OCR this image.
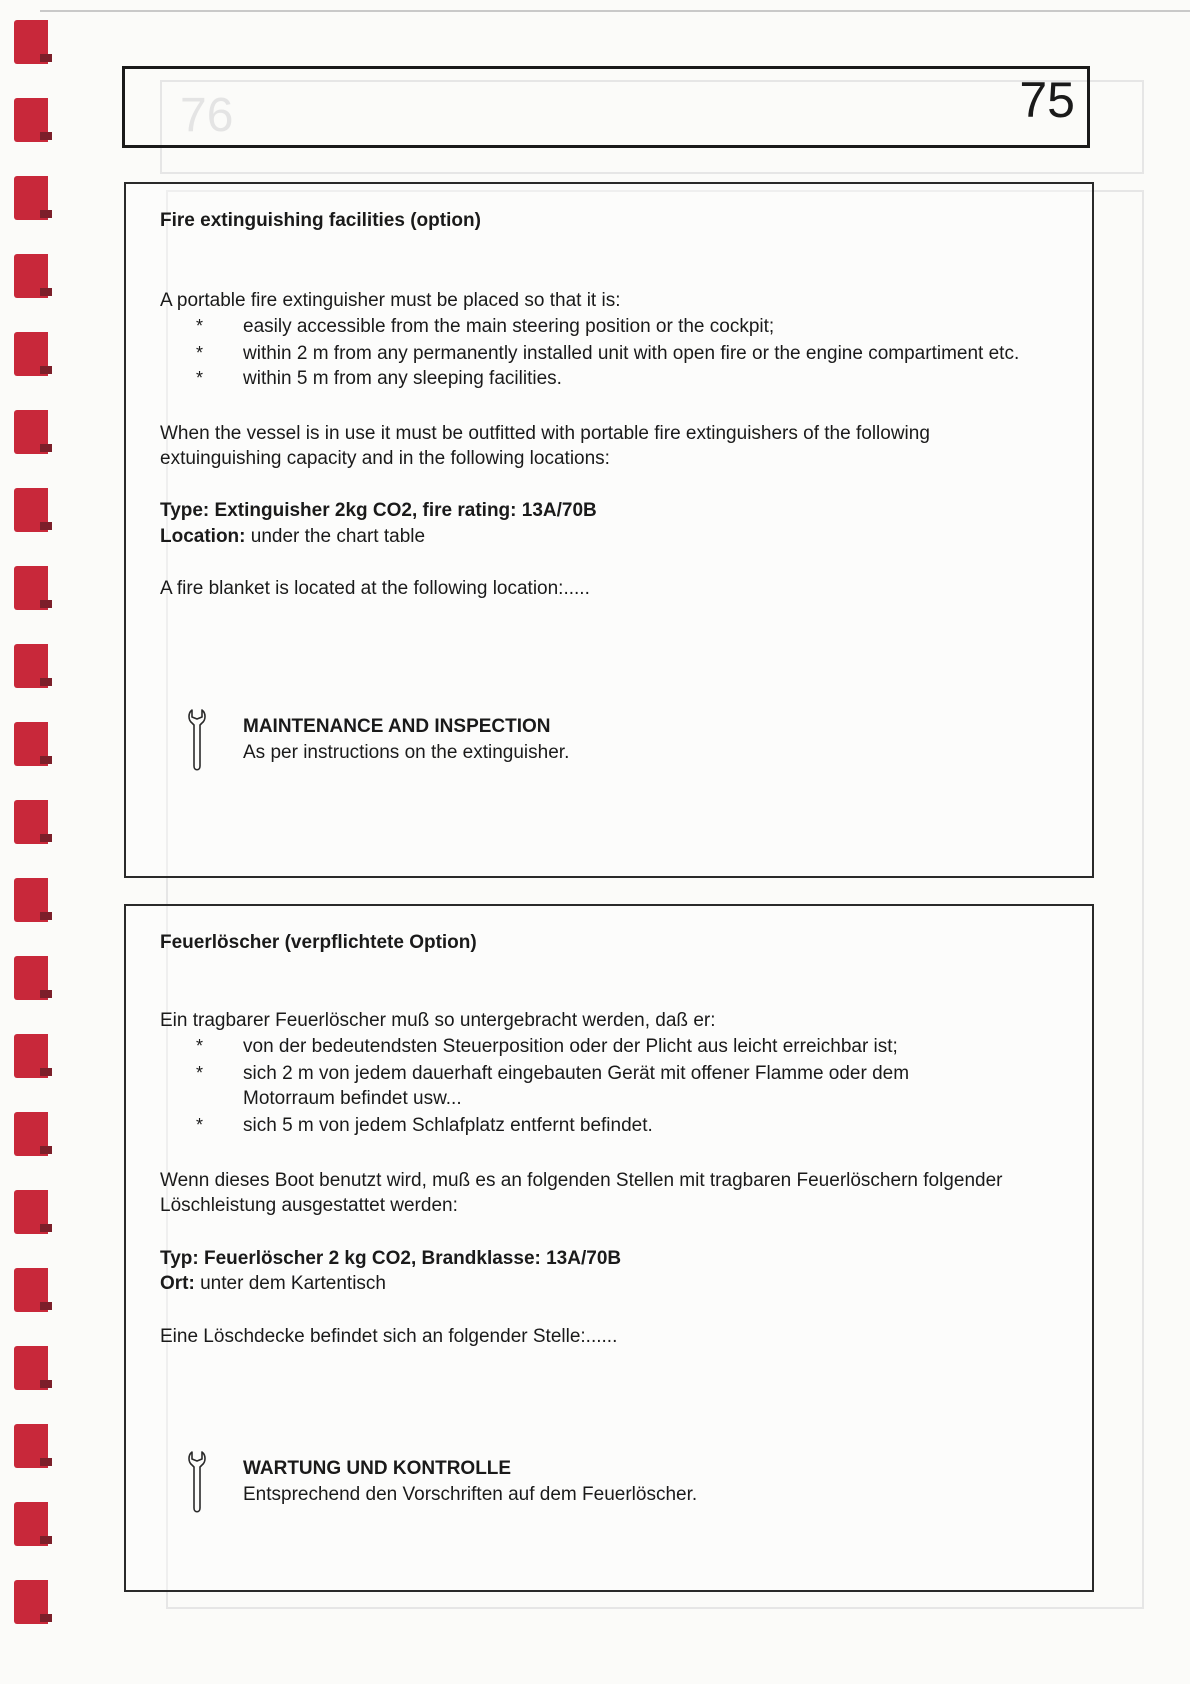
76	75
Fire extinguishing facilities (option)
A portable fire extinguisher must be placed so that it is:
* easily accessible from the main steering position or the cockpit;
* within 2 m from any permanently installed unit with open fire or the engine compartiment etc.
* within 5 m from any sleeping facilities.
When the vessel is in use it must be outfitted with portable fire extinguishers of the following
extuinguishing capacity and in the following locations:
Type: Extinguisher 2kg CO2, fire rating: 13A/70B
Location: under the chart table
A fire blanket is located at the following location:.....
MAINTENANCE AND INSPECTION
As per instructions on the extinguisher.
Feuerlöscher (verpflichtete Option)
Ein tragbarer Feuerlöscher muß so untergebracht werden, daß er:
* von der bedeutendsten Steuerposition oder der Plicht aus leicht erreichbar ist;
* sich 2 m von jedem dauerhaft eingebauten Gerät mit offener Flamme oder dem
Motorraum befindet usw...
* sich 5 m von jedem Schlafplatz entfernt befindet.
Wenn dieses Boot benutzt wird, muß es an folgenden Stellen mit tragbaren Feuerlöschern folgender
Löschleistung ausgestattet werden:
Typ: Feuerlöscher 2 kg CO2, Brandklasse: 13A/70B
Ort: unter dem Kartentisch
Eine Löschdecke befindet sich an folgender Stelle:......
WARTUNG UND KONTROLLE
Entsprechend den Vorschriften auf dem Feuerlöscher.
